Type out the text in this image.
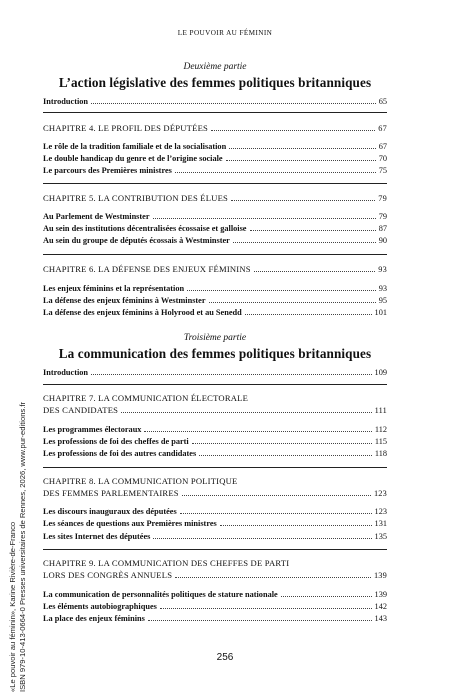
LE POUVOIR AU FÉMININ
Deuxième partie
L’action législative des femmes politiques britanniques
Introduction	65
CHAPITRE 4. LE PROFIL DES DÉPUTÉES	67
Le rôle de la tradition familiale et de la socialisation	67
Le double handicap du genre et de l’origine sociale	70
Le parcours des Premières ministres	75
CHAPITRE 5. LA CONTRIBUTION DES ÉLUES	79
Au Parlement de Westminster	79
Au sein des institutions décentralisées écossaise et galloise	87
Au sein du groupe de députés écossais à Westminster	90
CHAPITRE 6. LA DÉFENSE DES ENJEUX FÉMININS	93
Les enjeux féminins et la représentation	93
La défense des enjeux féminins à Westminster	95
La défense des enjeux féminins à Holyrood et au Senedd	101
Troisième partie
La communication des femmes politiques britanniques
Introduction	109
CHAPITRE 7. LA COMMUNICATION ÉLECTORALE
DES CANDIDATES	111
Les programmes électoraux	112
Les professions de foi des cheffes de parti	115
Les professions de foi des autres candidates	118
CHAPITRE 8. LA COMMUNICATION POLITIQUE
DES FEMMES PARLEMENTAIRES	123
Les discours inauguraux des députées	123
Les séances de questions aux Premières ministres	131
Les sites Internet des députées	135
CHAPITRE 9. LA COMMUNICATION DES CHEFFES DE PARTI
LORS DES CONGRÈS ANNUELS	139
La communication de personnalités politiques de stature nationale	139
Les éléments autobiographiques	142
La place des enjeux féminins	143
256
«Le pouvoir au féminin», Karine Rivière-de-Franco ISBN 979-10-413-0664-0 Presses universitaires de Rennes, 2026, www.pur-editions.fr
